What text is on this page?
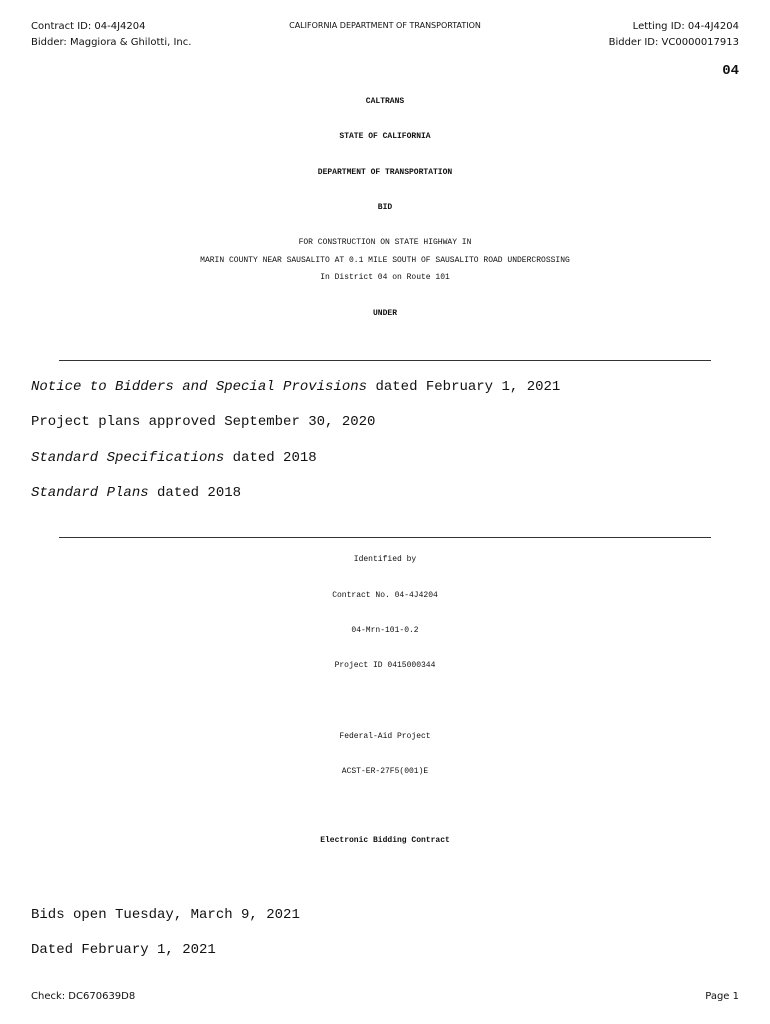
Contract ID: 04-4J4204
Bidder: Maggiora & Ghilotti, Inc.
CALIFORNIA DEPARTMENT OF TRANSPORTATION	Letting ID: 04-4J4204
Bidder ID: VC0000017913
04
CALTRANS
STATE OF CALIFORNIA
DEPARTMENT OF TRANSPORTATION
BID
FOR CONSTRUCTION ON STATE HIGHWAY IN
MARIN COUNTY NEAR SAUSALITO AT 0.1 MILE SOUTH OF SAUSALITO ROAD UNDERCROSSING
In District 04 on Route 101
UNDER
Notice to Bidders and Special Provisions dated February 1, 2021
Project plans approved September 30, 2020
Standard Specifications dated 2018
Standard Plans dated 2018
Identified by
Contract No. 04-4J4204
04-Mrn-101-0.2
Project ID 0415000344
Federal-Aid Project
ACST-ER-27F5(001)E
Electronic Bidding Contract
Bids open Tuesday, March 9, 2021
Dated February 1, 2021
Check: DC670639D8	Page 1
